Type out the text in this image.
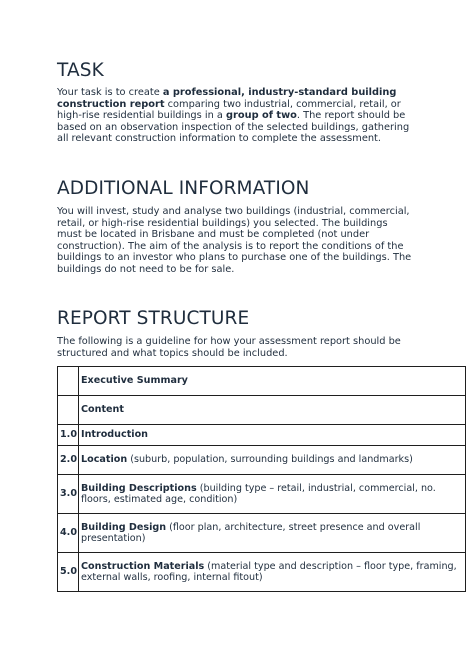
TASK

Your task is to create a professional, industry-standard building construction report comparing two industrial, commercial, retail, or high-rise residential buildings in a group of two. The report should be based on an observation inspection of the selected buildings, gathering all relevant construction information to complete the assessment.

ADDITIONAL INFORMATION

You will invest, study and analyse two buildings (industrial, commercial, retail, or high-rise residential buildings) you selected. The buildings must be located in Brisbane and must be completed (not under construction). The aim of the analysis is to report the conditions of the buildings to an investor who plans to purchase one of the buildings. The buildings do not need to be for sale.

REPORT STRUCTURE

The following is a guideline for how your assessment report should be structured and what topics should be included.

	Executive Summary
	Content
1.0	Introduction
2.0	Location (suburb, population, surrounding buildings and landmarks)
3.0	Building Descriptions (building type – retail, industrial, commercial, no. floors, estimated age, condition)
4.0	Building Design (floor plan, architecture, street presence and overall presentation)
5.0	Construction Materials (material type and description – floor type, framing, external walls, roofing, internal fitout)
